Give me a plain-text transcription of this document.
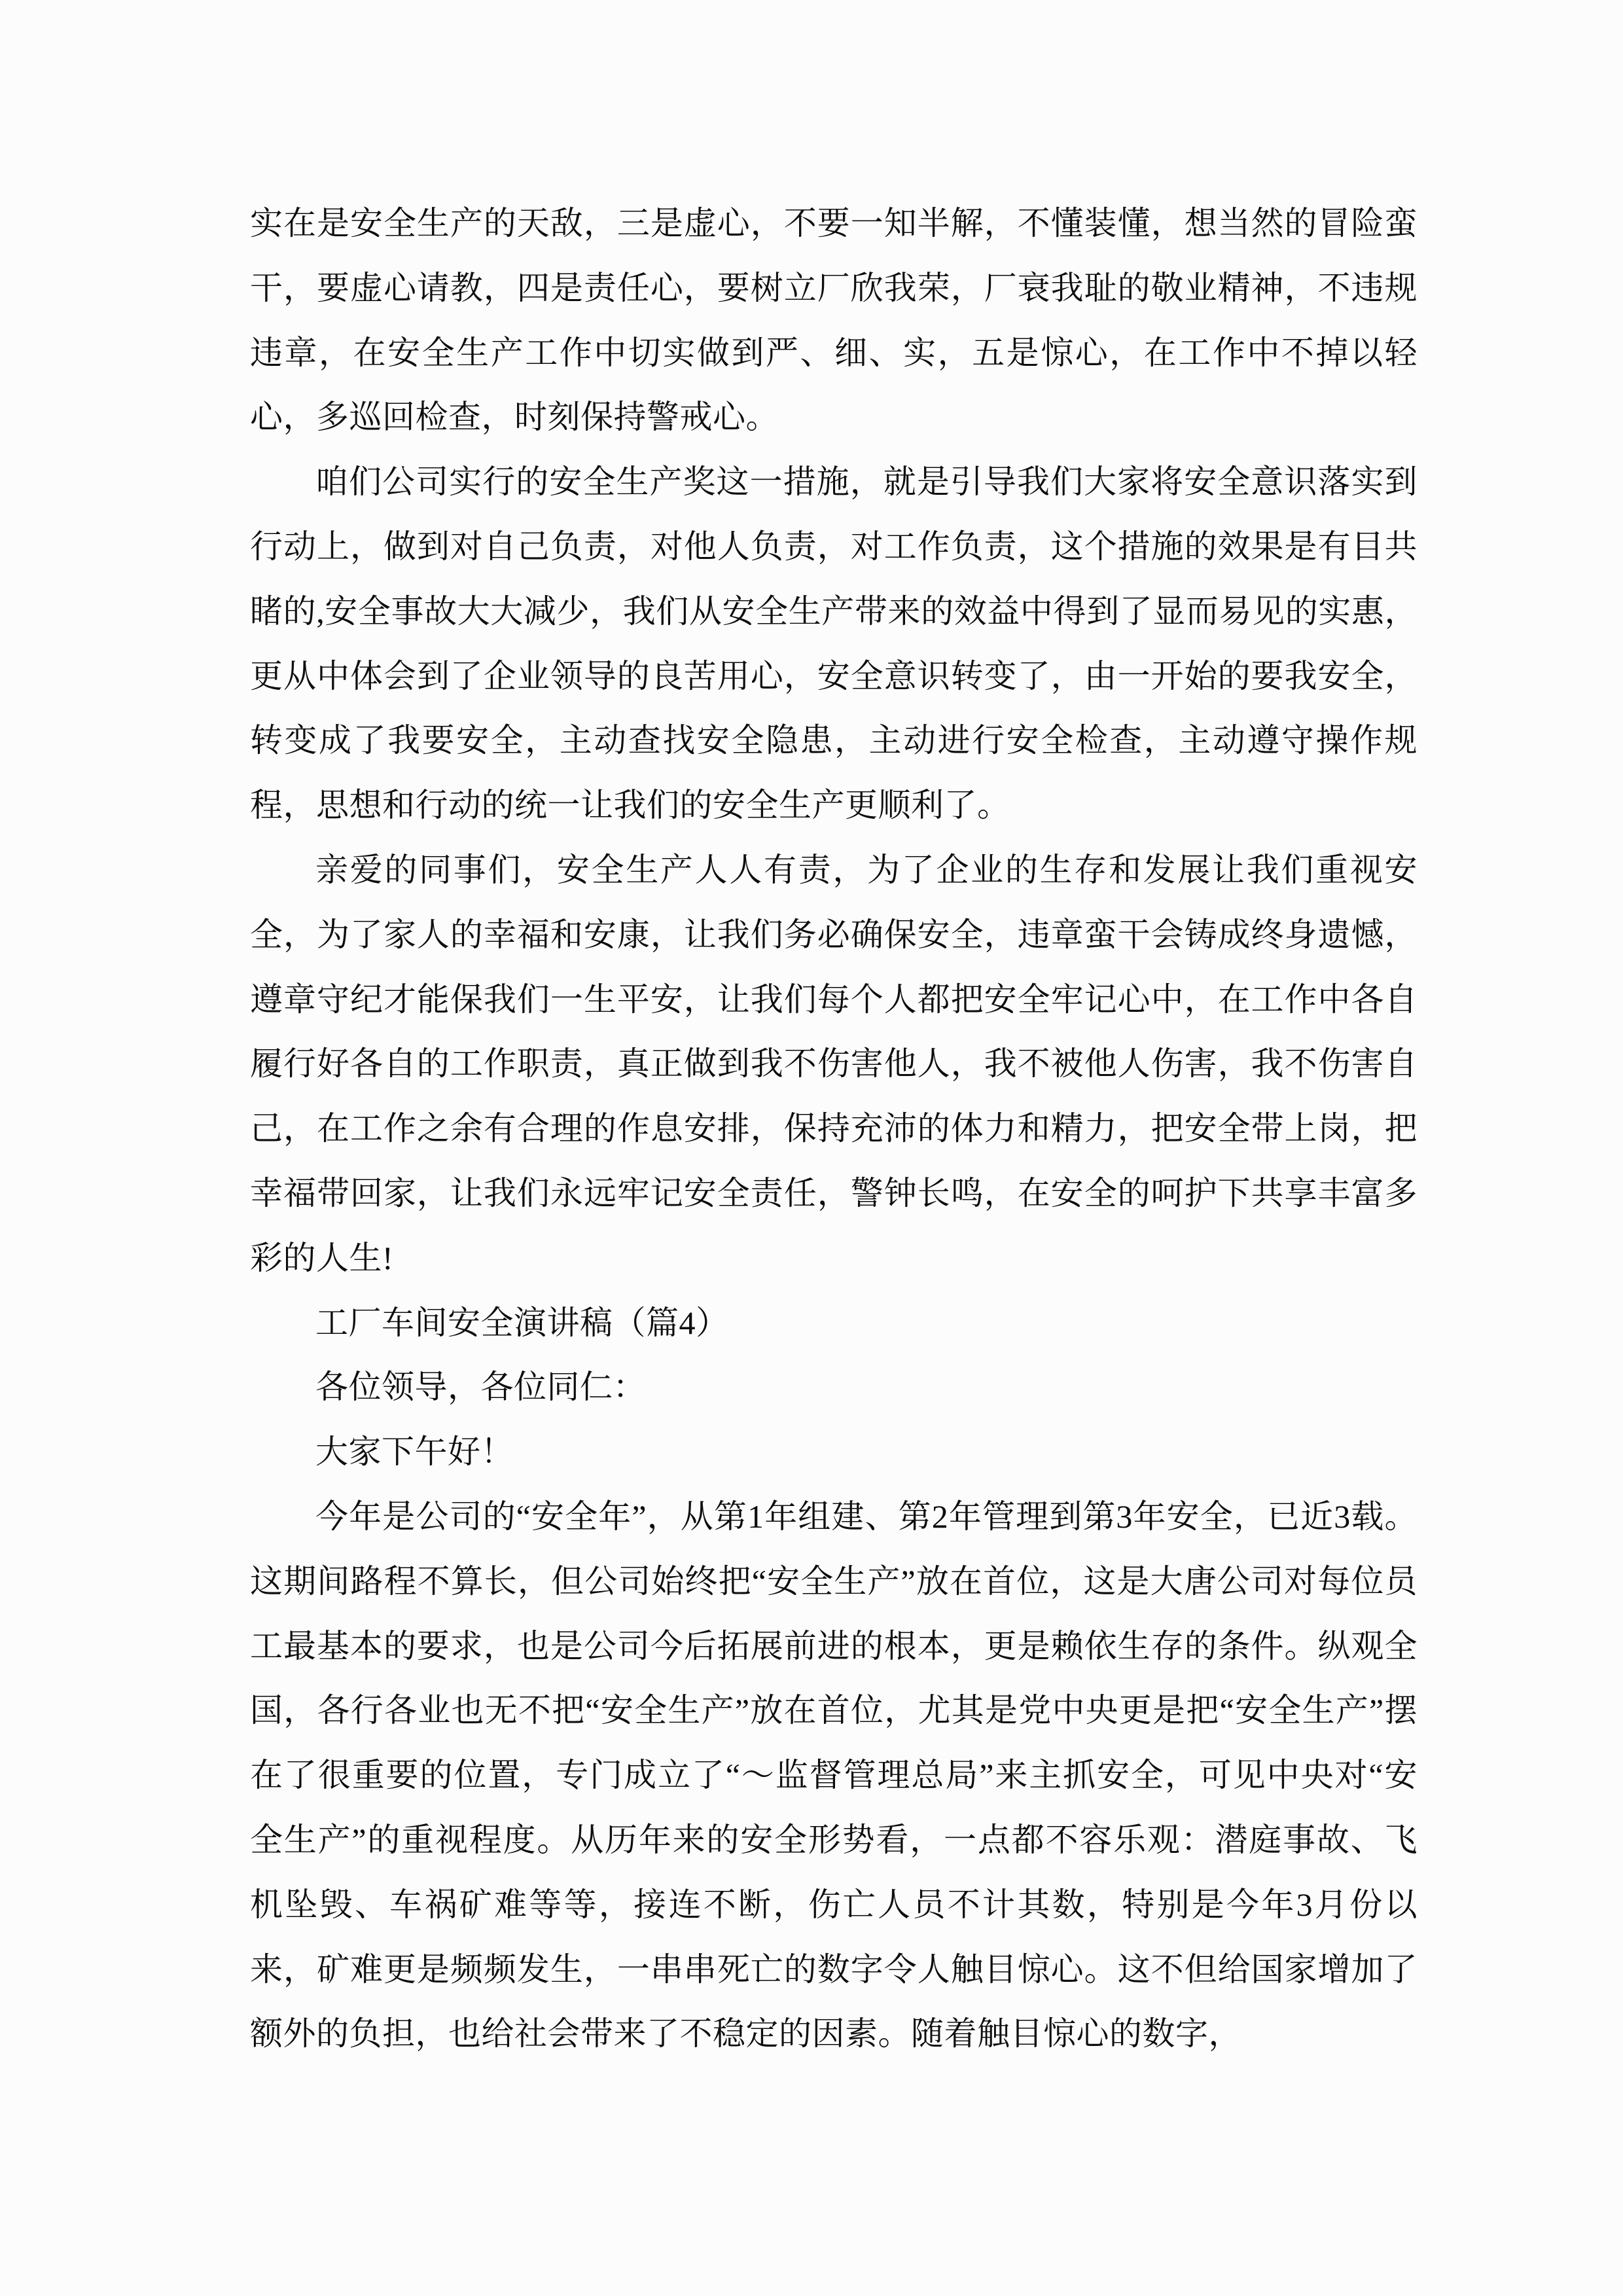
实在是安全生产的天敌，三是虚心，不要一知半解，不懂装懂，想当然的冒险蛮干，要虚心请教，四是责任心，要树立厂欣我荣，厂衰我耻的敬业精神，不违规违章，在安全生产工作中切实做到严、细、实，五是惊心，在工作中不掉以轻心，多巡回检查，时刻保持警戒心。

咱们公司实行的安全生产奖这一措施，就是引导我们大家将安全意识落实到行动上，做到对自己负责，对他人负责，对工作负责，这个措施的效果是有目共睹的,安全事故大大减少，我们从安全生产带来的效益中得到了显而易见的实惠，更从中体会到了企业领导的良苦用心，安全意识转变了，由一开始的要我安全，转变成了我要安全，主动查找安全隐患，主动进行安全检查，主动遵守操作规程，思想和行动的统一让我们的安全生产更顺利了。

亲爱的同事们，安全生产人人有责，为了企业的生存和发展让我们重视安全，为了家人的幸福和安康，让我们务必确保安全，违章蛮干会铸成终身遗憾，遵章守纪才能保我们一生平安，让我们每个人都把安全牢记心中，在工作中各自履行好各自的工作职责，真正做到我不伤害他人，我不被他人伤害，我不伤害自己，在工作之余有合理的作息安排，保持充沛的体力和精力，把安全带上岗，把幸福带回家，让我们永远牢记安全责任，警钟长鸣，在安全的呵护下共享丰富多彩的人生!

工厂车间安全演讲稿（篇4）

各位领导，各位同仁：

大家下午好！

今年是公司的“安全年”，从第1年组建、第2年管理到第3年安全，已近3载。这期间路程不算长，但公司始终把“安全生产”放在首位，这是大唐公司对每位员工最基本的要求，也是公司今后拓展前进的根本，更是赖依生存的条件。纵观全国，各行各业也无不把“安全生产”放在首位，尤其是党中央更是把“安全生产”摆在了很重要的位置，专门成立了“～监督管理总局”来主抓安全，可见中央对“安全生产”的重视程度。从历年来的安全形势看，一点都不容乐观：潜庭事故、飞机坠毁、车祸矿难等等，接连不断，伤亡人员不计其数，特别是今年3月份以来，矿难更是频频发生，一串串死亡的数字令人触目惊心。这不但给国家增加了额外的负担，也给社会带来了不稳定的因素。随着触目惊心的数字，
